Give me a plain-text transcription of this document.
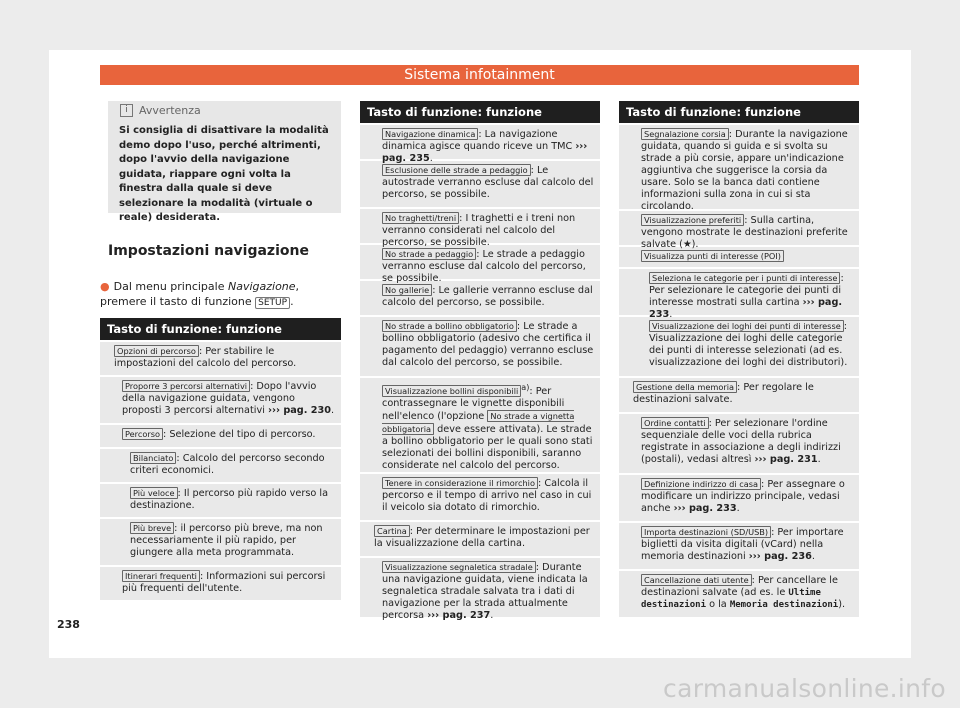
Sistema infotainment
i	Avvertenza
Si consiglia di disattivare la modalità demo dopo l'uso, perché altrimenti, dopo l'avvio della navigazione guidata, riappare ogni volta la finestra dalla quale si deve selezionare la modalità (virtuale o reale) desiderata.
Impostazioni navigazione
● Dal menu principale Navigazione, premere il tasto di funzione SETUP .
Tasto di funzione: funzione
Opzioni di percorso : Per stabilire le impostazioni del calcolo del percorso.
Proporre 3 percorsi alternativi : Dopo l'avvio della navigazione guidata, vengono proposti 3 percorsi alternativi ››› pag. 230.
Percorso : Selezione del tipo di percorso.
Bilanciato : Calcolo del percorso secondo criteri economici.
Più veloce : Il percorso più rapido verso la destinazione.
Più breve : il percorso più breve, ma non necessariamente il più rapido, per giungere alla meta programmata.
Itinerari frequenti : Informazioni sui percorsi più frequenti dell'utente.
Tasto di funzione: funzione
Navigazione dinamica : La navigazione dinamica agisce quando riceve un TMC ››› pag. 235.
Esclusione delle strade a pedaggio : Le autostrade verranno escluse dal calcolo del percorso, se possibile.
No traghetti/treni : I traghetti e i treni non verranno considerati nel calcolo del percorso, se possibile.
No strade a pedaggio : Le strade a pedaggio verranno escluse dal calcolo del percorso, se possibile.
No gallerie : Le gallerie verranno escluse dal calcolo del percorso, se possibile.
No strade a bollino obbligatorio : Le strade a bollino obbligatorio (adesivo che certifica il pagamento del pedaggio) verranno escluse dal calcolo del percorso, se possibile.
Visualizzazione bollini disponibili $^{a)}$: Per contrassegnare le vignette disponibili nell'elenco (l'opzione No strade a vignetta obbligatoria deve essere attivata). Le strade a bollino obbligatorio per le quali sono stati selezionati dei bollini disponibili, saranno considerate nel calcolo del percorso.
Tenere in considerazione il rimorchio : Calcola il percorso e il tempo di arrivo nel caso in cui il veicolo sia dotato di rimorchio.
Cartina : Per determinare le impostazioni per la visualizzazione della cartina.
Visualizzazione segnaletica stradale : Durante una navigazione guidata, viene indicata la segnaletica stradale salvata tra i dati di navigazione per la strada attualmente percorsa ››› pag. 237.
Tasto di funzione: funzione
Segnalazione corsia : Durante la navigazione guidata, quando si guida e si svolta su strade a più corsie, appare un'indicazione aggiuntiva che suggerisce la corsia da usare. Solo se la banca dati contiene informazioni sulla zona in cui si sta circolando.
Visualizzazione preferiti : Sulla cartina, vengono mostrate le destinazioni preferite salvate (★).
Visualizza punti di interesse (POI)
Seleziona le categorie per i punti di interesse : Per selezionare le categorie dei punti di interesse mostrati sulla cartina ››› pag. 233.
Visualizzazione dei loghi dei punti di interesse : Visualizzazione dei loghi delle categorie dei punti di interesse selezionati (ad es. visualizzazione dei loghi dei distributori).
Gestione della memoria : Per regolare le destinazioni salvate.
Ordine contatti : Per selezionare l'ordine sequenziale delle voci della rubrica registrate in associazione a degli indirizzi (postali), vedasi altresì ››› pag. 231.
Definizione indirizzo di casa : Per assegnare o modificare un indirizzo principale, vedasi anche ››› pag. 233.
Importa destinazioni (SD/USB) : Per importare biglietti da visita digitali (vCard) nella memoria destinazioni ››› pag. 236.
Cancellazione dati utente : Per cancellare le destinazioni salvate (ad es. le Ultime destinazioni o la Memoria destinazioni).
238
carmanualsonline.info
